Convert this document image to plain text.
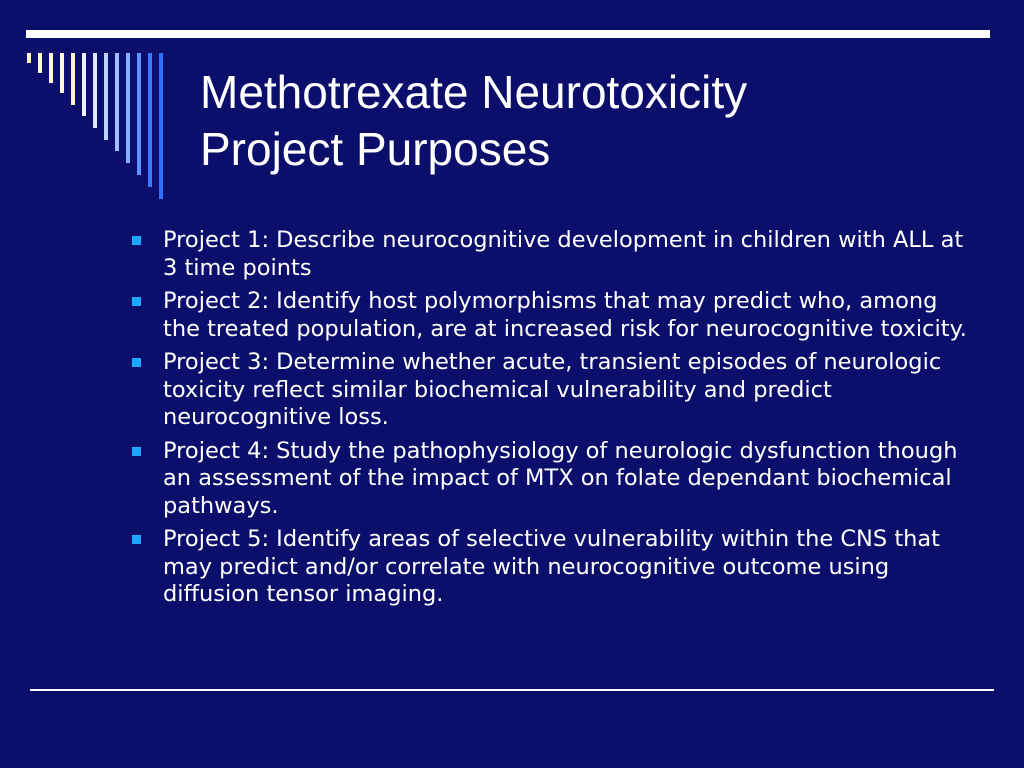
Methotrexate Neurotoxicity
Project Purposes
Project 1: Describe neurocognitive development in children with ALL at 3 time points
Project 2: Identify host polymorphisms that may predict who, among the treated population, are at increased risk for neurocognitive toxicity.
Project 3: Determine whether acute, transient episodes of neurologic toxicity reflect similar biochemical vulnerability and predict neurocognitive loss.
Project 4: Study the pathophysiology of neurologic dysfunction though an assessment of the impact of MTX on folate dependant biochemical pathways.
Project 5: Identify areas of selective vulnerability within the CNS that may predict and/or correlate with neurocognitive outcome using diffusion tensor imaging.
